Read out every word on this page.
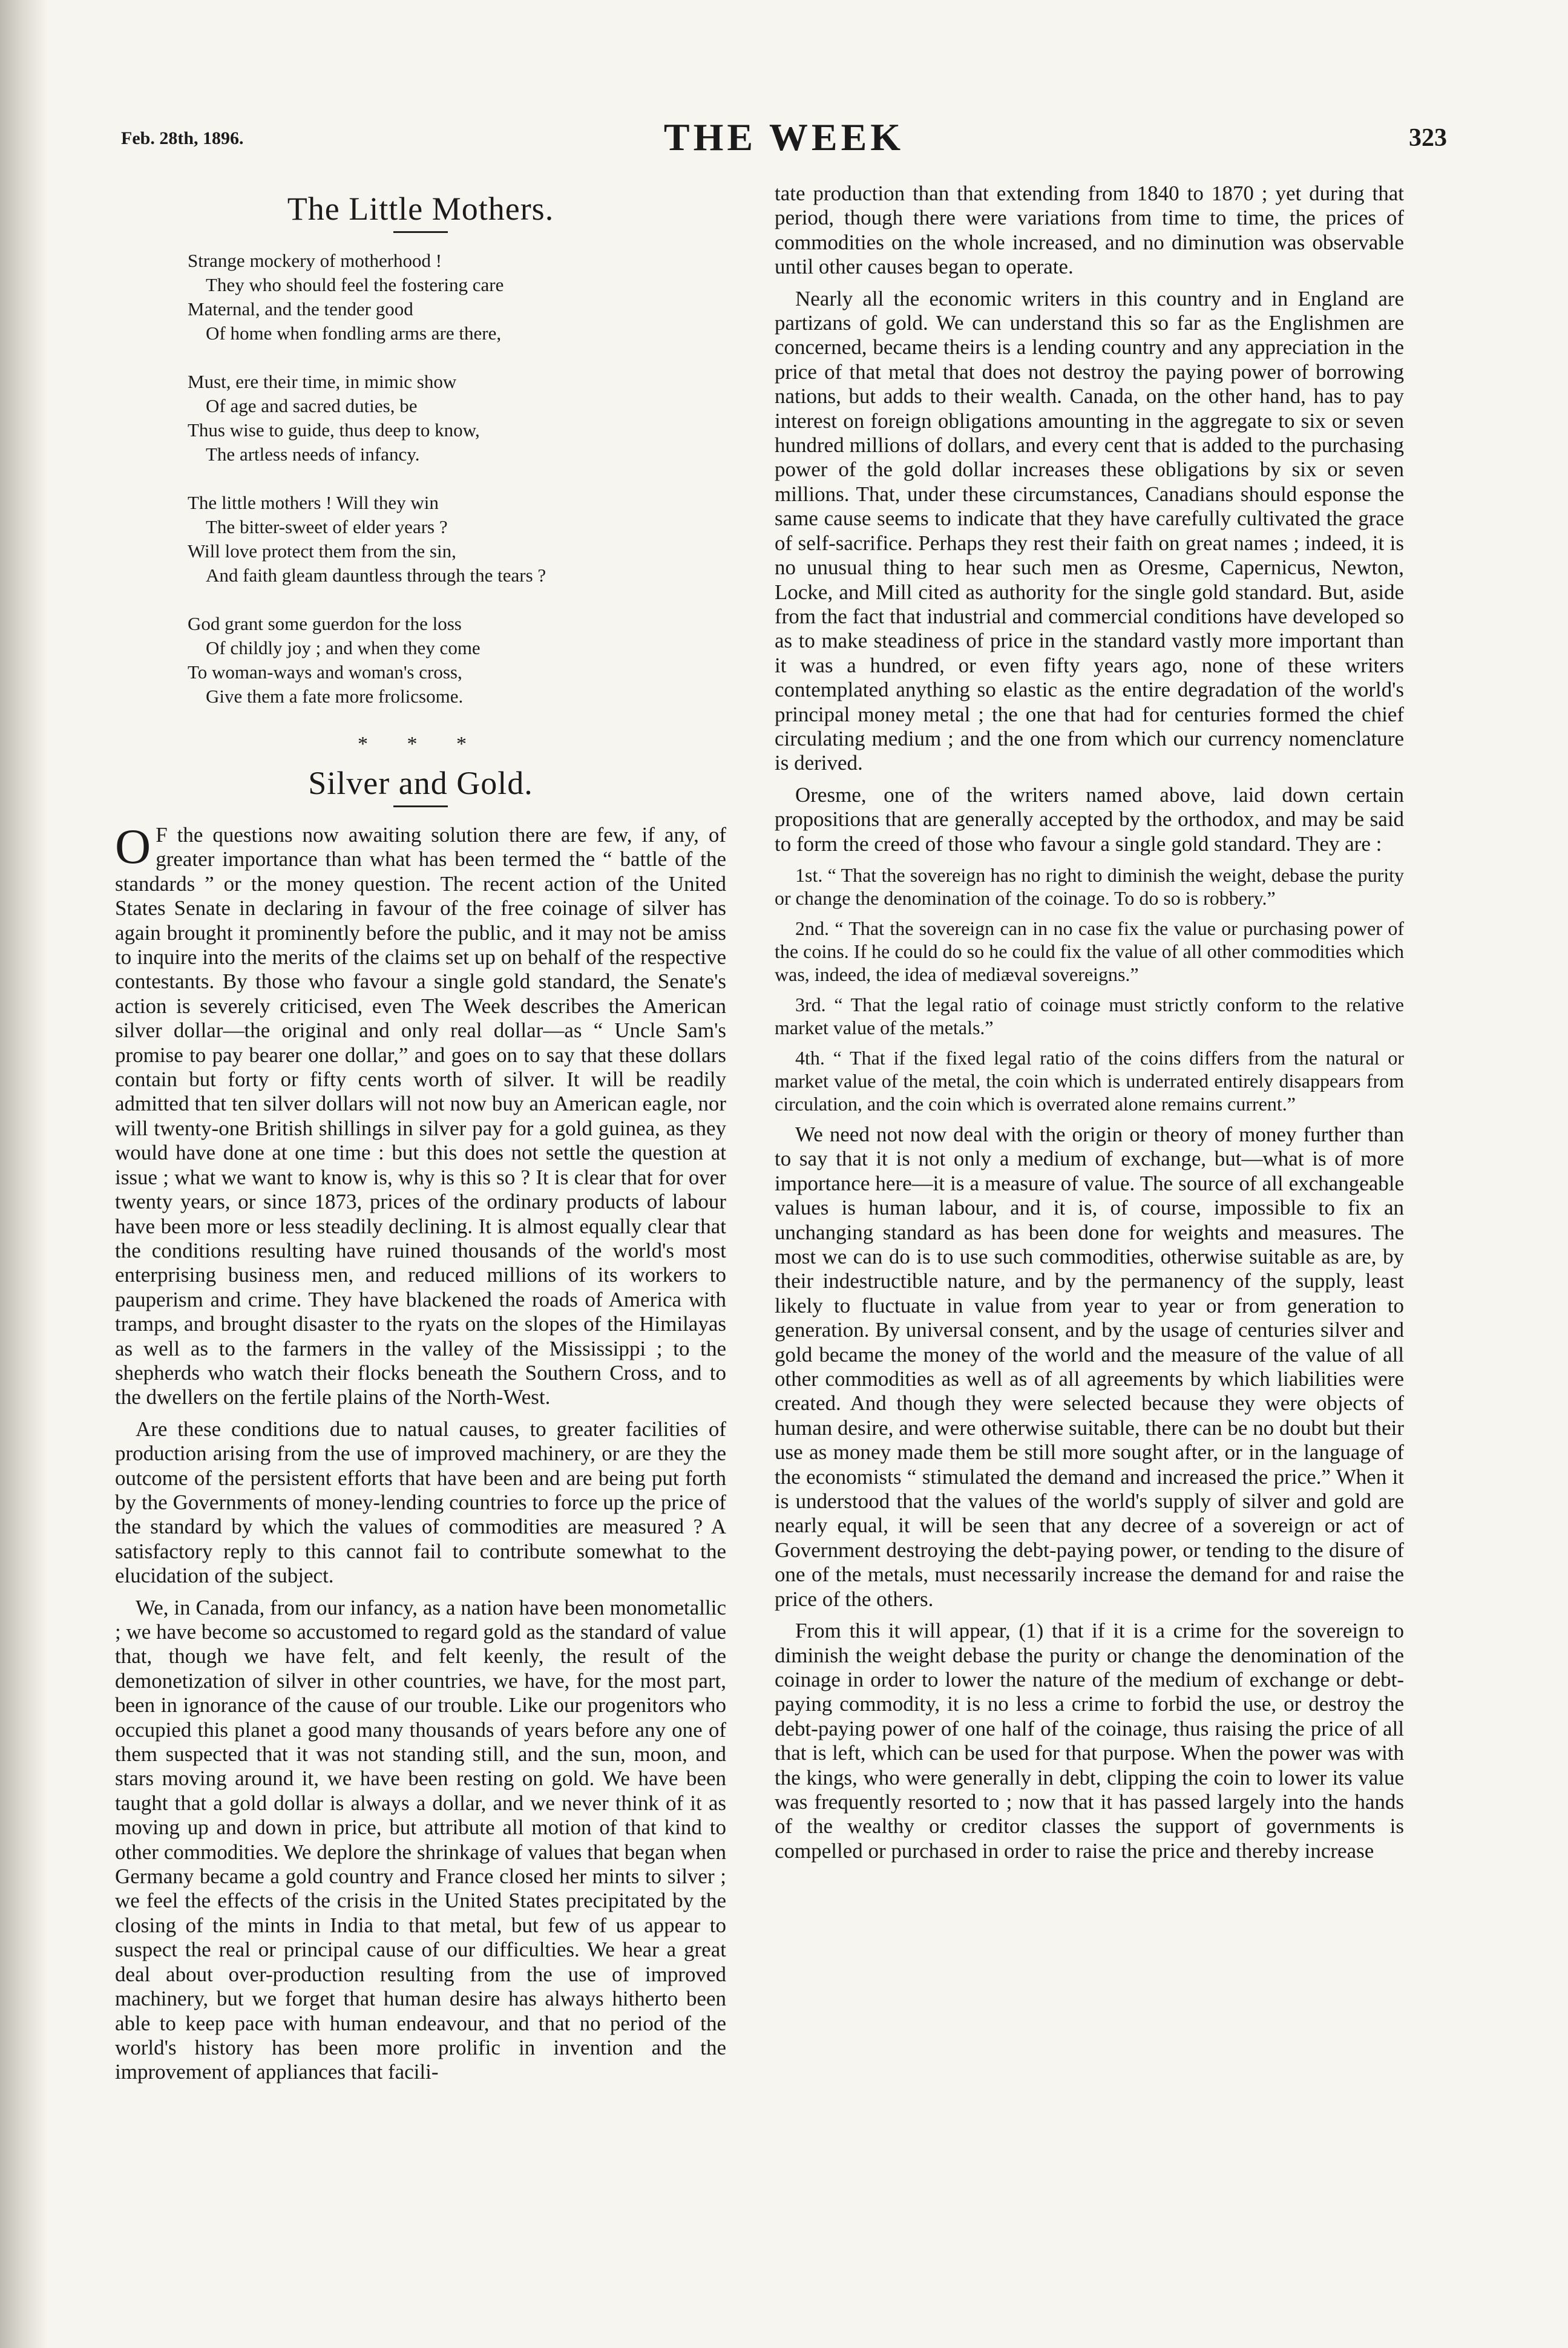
Feb. 28th, 1896.	THE WEEK	323
The Little Mothers.
Strange mockery of motherhood !
They who should feel the fostering care
Maternal, and the tender good
Of home when fondling arms are there,
Must, ere their time, in mimic show
Of age and sacred duties, be
Thus wise to guide, thus deep to know,
The artless needs of infancy.
The little mothers ! Will they win
The bitter-sweet of elder years ?
Will love protect them from the sin,
And faith gleam dauntless through the tears ?
God grant some guerdon for the loss
Of childly joy ; and when they come
To woman-ways and woman's cross,
Give them a fate more frolicsome.
* * *
Silver and Gold.

O F the questions now awaiting solution there are few, if any, of greater importance than what has been termed the “ battle of the standards ” or the money question. The recent action of the United States Senate in declaring in favour of the free coinage of silver has again brought it prominently before the public, and it may not be amiss to inquire into the merits of the claims set up on behalf of the respective contestants. By those who favour a single gold standard, the Senate's action is severely criticised, even The Week describes the American silver dollar—the original and only real dollar—as “ Uncle Sam's promise to pay bearer one dollar,” and goes on to say that these dollars contain but forty or fifty cents worth of silver. It will be readily admitted that ten silver dollars will not now buy an American eagle, nor will twenty-one British shillings in silver pay for a gold guinea, as they would have done at one time : but this does not settle the question at issue ; what we want to know is, why is this so ? It is clear that for over twenty years, or since 1873, prices of the ordinary products of labour have been more or less steadily declining. It is almost equally clear that the conditions resulting have ruined thousands of the world's most enterprising business men, and reduced millions of its workers to pauperism and crime. They have blackened the roads of America with tramps, and brought disaster to the ryats on the slopes of the Himilayas as well as to the farmers in the valley of the Mississippi ; to the shepherds who watch their flocks beneath the Southern Cross, and to the dwellers on the fertile plains of the North-West.

Are these conditions due to natual causes, to greater facilities of production arising from the use of improved machinery, or are they the outcome of the persistent efforts that have been and are being put forth by the Governments of money-lending countries to force up the price of the standard by which the values of commodities are measured ? A satisfactory reply to this cannot fail to contribute somewhat to the elucidation of the subject.

We, in Canada, from our infancy, as a nation have been monometallic ; we have become so accustomed to regard gold as the standard of value that, though we have felt, and felt keenly, the result of the demonetization of silver in other countries, we have, for the most part, been in ignorance of the cause of our trouble. Like our progenitors who occupied this planet a good many thousands of years before any one of them suspected that it was not standing still, and the sun, moon, and stars moving around it, we have been resting on gold. We have been taught that a gold dollar is always a dollar, and we never think of it as moving up and down in price, but attribute all motion of that kind to other commodities. We deplore the shrinkage of values that began when Germany became a gold country and France closed her mints to silver ; we feel the effects of the crisis in the United States precipitated by the closing of the mints in India to that metal, but few of us appear to suspect the real or principal cause of our difficulties. We hear a great deal about over-production resulting from the use of improved machinery, but we forget that human desire has always hitherto been able to keep pace with human endeavour, and that no period of the world's history has been more prolific in invention and the improvement of appliances that facili-

tate production than that extending from 1840 to 1870 ; yet during that period, though there were variations from time to time, the prices of commodities on the whole increased, and no diminution was observable until other causes began to operate.

Nearly all the economic writers in this country and in England are partizans of gold. We can understand this so far as the Englishmen are concerned, became theirs is a lending country and any appreciation in the price of that metal that does not destroy the paying power of borrowing nations, but adds to their wealth. Canada, on the other hand, has to pay interest on foreign obligations amounting in the aggregate to six or seven hundred millions of dollars, and every cent that is added to the purchasing power of the gold dollar increases these obligations by six or seven millions. That, under these circumstances, Canadians should esponse the same cause seems to indicate that they have carefully cultivated the grace of self-sacrifice. Perhaps they rest their faith on great names ; indeed, it is no unusual thing to hear such men as Oresme, Capernicus, Newton, Locke, and Mill cited as authority for the single gold standard. But, aside from the fact that industrial and commercial conditions have developed so as to make steadiness of price in the standard vastly more important than it was a hundred, or even fifty years ago, none of these writers contemplated anything so elastic as the entire degradation of the world's principal money metal ; the one that had for centuries formed the chief circulating medium ; and the one from which our currency nomenclature is derived.

Oresme, one of the writers named above, laid down certain propositions that are generally accepted by the orthodox, and may be said to form the creed of those who favour a single gold standard. They are :

1st. “ That the sovereign has no right to diminish the weight, debase the purity or change the denomination of the coinage. To do so is robbery.”

2nd. “ That the sovereign can in no case fix the value or purchasing power of the coins. If he could do so he could fix the value of all other commodities which was, indeed, the idea of mediæval sovereigns.”

3rd. “ That the legal ratio of coinage must strictly conform to the relative market value of the metals.”

4th. “ That if the fixed legal ratio of the coins differs from the natural or market value of the metal, the coin which is underrated entirely disappears from circulation, and the coin which is overrated alone remains current.”

We need not now deal with the origin or theory of money further than to say that it is not only a medium of exchange, but—what is of more importance here—it is a measure of value. The source of all exchangeable values is human labour, and it is, of course, impossible to fix an unchanging standard as has been done for weights and measures. The most we can do is to use such commodities, otherwise suitable as are, by their indestructible nature, and by the permanency of the supply, least likely to fluctuate in value from year to year or from generation to generation. By universal consent, and by the usage of centuries silver and gold became the money of the world and the measure of the value of all other commodities as well as of all agreements by which liabilities were created. And though they were selected because they were objects of human desire, and were otherwise suitable, there can be no doubt but their use as money made them be still more sought after, or in the language of the economists “ stimulated the demand and increased the price.” When it is understood that the values of the world's supply of silver and gold are nearly equal, it will be seen that any decree of a sovereign or act of Government destroying the debt-paying power, or tending to the disure of one of the metals, must necessarily increase the demand for and raise the price of the others.

From this it will appear, (1) that if it is a crime for the sovereign to diminish the weight debase the purity or change the denomination of the coinage in order to lower the nature of the medium of exchange or debt-paying commodity, it is no less a crime to forbid the use, or destroy the debt-paying power of one half of the coinage, thus raising the price of all that is left, which can be used for that purpose. When the power was with the kings, who were generally in debt, clipping the coin to lower its value was frequently resorted to ; now that it has passed largely into the hands of the wealthy or creditor classes the support of governments is compelled or purchased in order to raise the price and thereby increase
